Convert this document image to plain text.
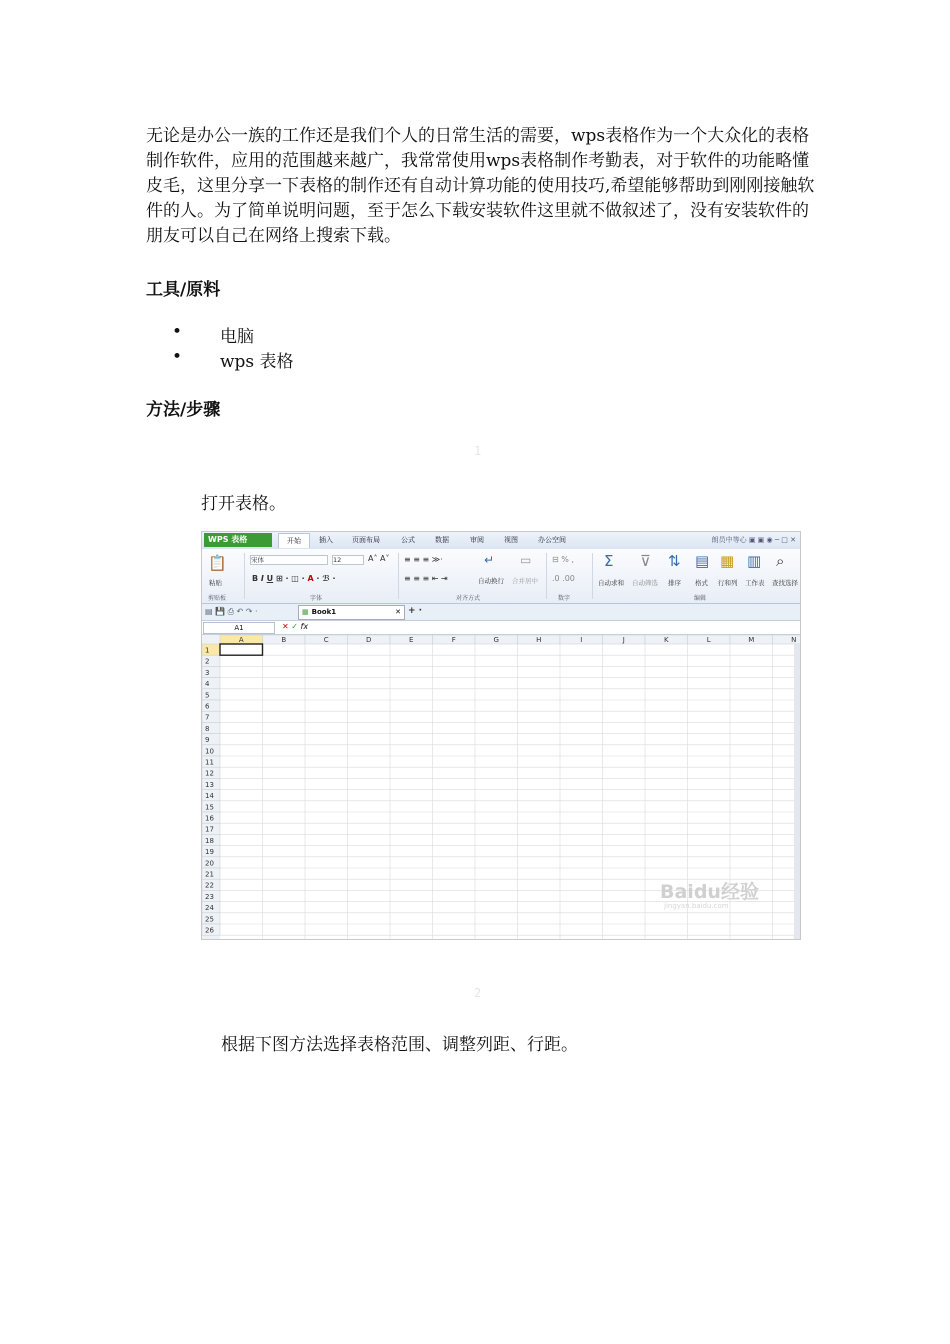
无论是办公一族的工作还是我们个人的日常生活的需要，wps表格作为一个大众化的表格制作软件，应用的范围越来越广，我常常使用wps表格制作考勤表，对于软件的功能略懂皮毛，这里分享一下表格的制作还有自动计算功能的使用技巧,希望能够帮助到刚刚接触软件的人。为了简单说明问题，至于怎么下载安装软件这里就不做叙述了，没有安装软件的朋友可以自己在网络上搜索下载。
工具/原料
• 电脑
• wps 表格
方法/步骤
1
打开表格。
WPS 表格	开始	插入	页面布局	公式	数据	审阅	视图	办公空间	朗员中等心 ▣ ▣ ◉ ─ □ ✕
📋
粘贴
剪贴板
宋体	12	A˄ A˅
B I U ⊞ · ◫ · A · ℬ ·
字体
≡ ≡ ≡ ≫·
≡ ≡ ≡ ⇤ ⇥
↵
自动换行
▭
合并居中
对齐方式
⊟ % ,
.0 .00
数字
Σ
自动求和
⊽
自动筛选
⇅
排序
▤
格式
▦
行和列
▥
工作表
⌕
查找选择
编辑
▤ 💾 ⎙ ↶ ↷ ·	▦ Book1	✕ + ·
A1	✕ ✓ fx
A	B	C	D	E	F	G	H	I	J	K	L	M	N
1
2
3
4
5
6
7
8
9
10
11
12
13
14
15
16
17
18
19
20
21
22
23
24
25
26
Baidu经验
jingyan.baidu.com
2
根据下图方法选择表格范围、调整列距、行距。
